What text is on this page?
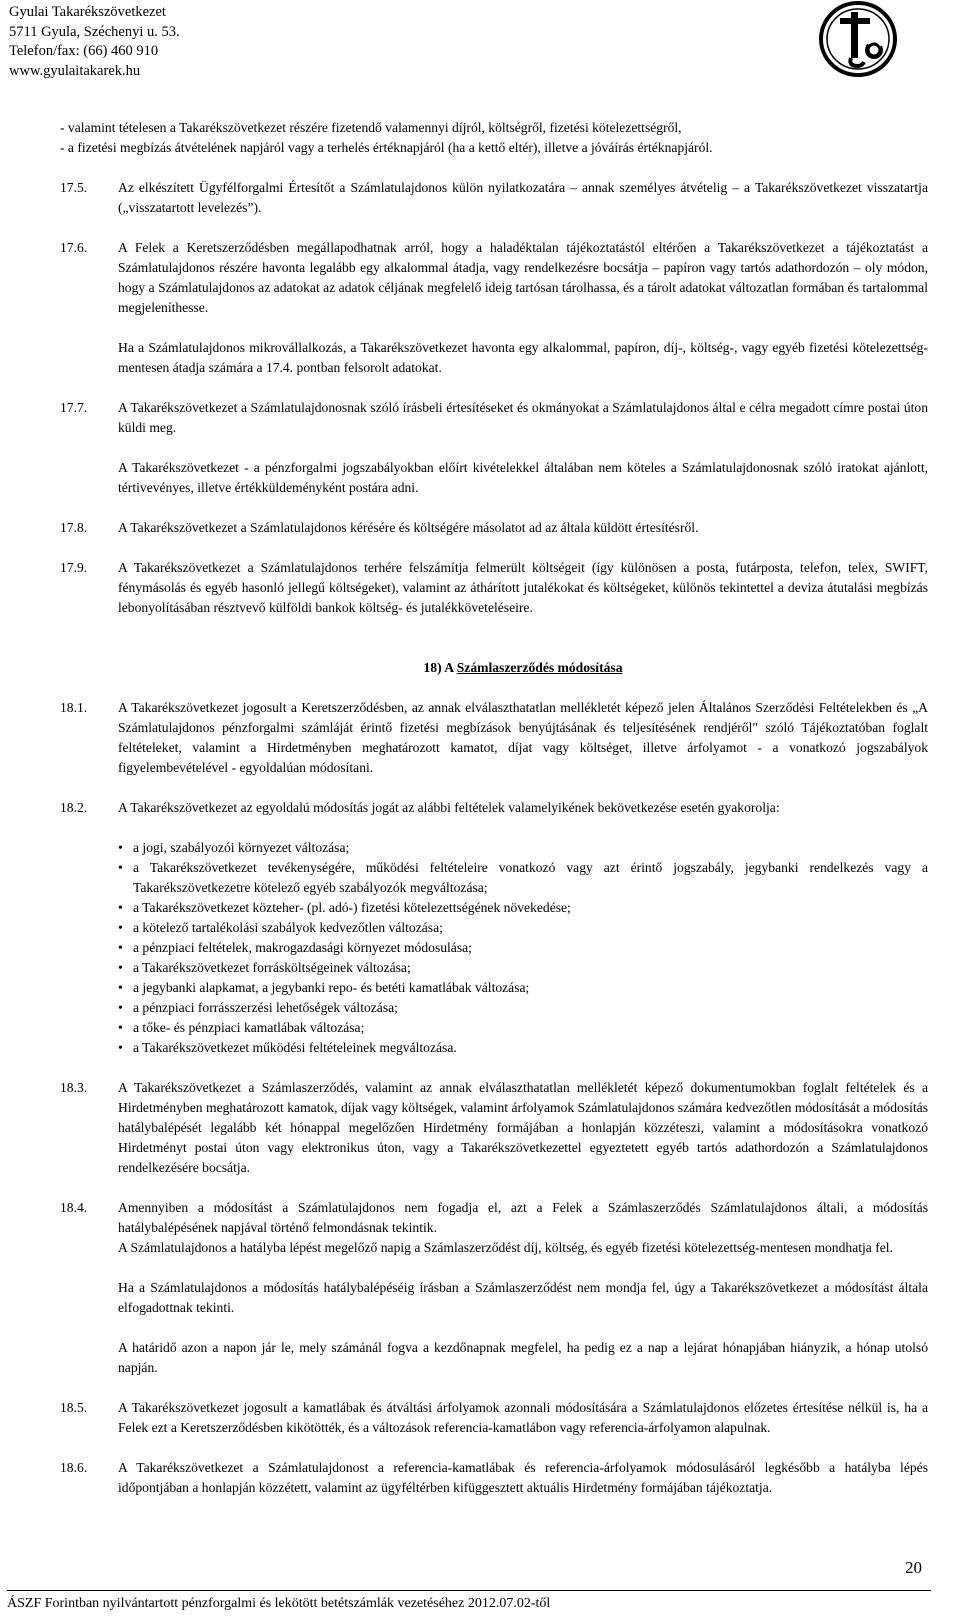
Gyulai Takarékszövetkezet
5711 Gyula, Széchenyi u. 53.
Telefon/fax: (66) 460 910
www.gyulaitakarek.hu
- valamint tételesen a Takarékszövetkezet részére fizetendő valamennyi díjról, költségről, fizetési kötelezettségről,
- a fizetési megbízás átvételének napjáról vagy a terhelés értéknapjáról (ha a kettő eltér), illetve a jóváírás értéknapjáról.
17.5. Az elkészített Ügyfélforgalmi Értesítőt a Számlatulajdonos külön nyilatkozatára – annak személyes átvételig – a Takarékszövetkezet visszatartja („visszatartott levelezés”).
17.6. A Felek a Keretszerződésben megállapodhatnak arról, hogy a haladéktalan tájékoztatástól eltérően a Takarékszövetkezet a tájékoztatást a Számlatulajdonos részére havonta legalább egy alkalommal átadja, vagy rendelkezésre bocsátja – papíron vagy tartós adathordozón – oly módon, hogy a Számlatulajdonos az adatokat az adatok céljának megfelelő ideig tartósan tárolhassa, és a tárolt adatokat változatlan formában és tartalommal megjeleníthesse.
Ha a Számlatulajdonos mikrovállalkozás, a Takarékszövetkezet havonta egy alkalommal, papíron, díj-, költség-, vagy egyéb fizetési kötelezettség-mentesen átadja számára a 17.4. pontban felsorolt adatokat.
17.7. A Takarékszövetkezet a Számlatulajdonosnak szóló írásbeli értesítéseket és okmányokat a Számlatulajdonos által e célra megadott címre postai úton küldi meg.
A Takarékszövetkezet - a pénzforgalmi jogszabályokban előírt kivételekkel általában nem köteles a Számlatulajdonosnak szóló iratokat ajánlott, tértivevényes, illetve értékküldeményként postára adni.
17.8. A Takarékszövetkezet a Számlatulajdonos kérésére és költségére másolatot ad az általa küldött értesítésről.
17.9. A Takarékszövetkezet a Számlatulajdonos terhére felszámítja felmerült költségeit (így különösen a posta, futárposta, telefon, telex, SWIFT, fénymásolás és egyéb hasonló jellegű költségeket), valamint az áthárított jutalékokat és költségeket, különös tekintettel a deviza átutalási megbízás lebonyolításában résztvevő külföldi bankok költség- és jutalékköveteléseire.
18) A Számlaszerződés módosítása
18.1. A Takarékszövetkezet jogosult a Keretszerződésben, az annak elválaszthatatlan mellékletét képező jelen Általános Szerződési Feltételekben és „A Számlatulajdonos pénzforgalmi számláját érintő fizetési megbízások benyújtásának és teljesítésének rendjéről" szóló Tájékoztatóban foglalt feltételeket, valamint a Hirdetményben meghatározott kamatot, díjat vagy költséget, illetve árfolyamot - a vonatkozó jogszabályok figyelembevételével - egyoldalúan módosítani.
18.2. A Takarékszövetkezet az egyoldalú módosítás jogát az alábbi feltételek valamelyikének bekövetkezése esetén gyakorolja:
• a jogi, szabályozói környezet változása;
• a Takarékszövetkezet tevékenységére, működési feltételeire vonatkozó vagy azt érintő jogszabály, jegybanki rendelkezés vagy a Takarékszövetkezetre kötelező egyéb szabályozók megváltozása;
• a Takarékszövetkezet közteher- (pl. adó-) fizetési kötelezettségének növekedése;
• a kötelező tartalékolási szabályok kedvezőtlen változása;
• a pénzpiaci feltételek, makrogazdasági környezet módosulása;
• a Takarékszövetkezet forrásköltségeinek változása;
• a jegybanki alapkamat, a jegybanki repo- és betéti kamatlábak változása;
• a pénzpiaci forrásszerzési lehetőségek változása;
• a tőke- és pénzpiaci kamatlábak változása;
• a Takarékszövetkezet működési feltételeinek megváltozása.
18.3. A Takarékszövetkezet a Számlaszerződés, valamint az annak elválaszthatatlan mellékletét képező dokumentumokban foglalt feltételek és a Hirdetményben meghatározott kamatok, díjak vagy költségek, valamint árfolyamok Számlatulajdonos számára kedvezőtlen módosítását a módosítás hatálybalépését legalább két hónappal megelőzően Hirdetmény formájában a honlapján közzéteszi, valamint a módosításokra vonatkozó Hirdetményt postai úton vagy elektronikus úton, vagy a Takarékszövetkezettel egyeztetett egyéb tartós adathordozón a Számlatulajdonos rendelkezésére bocsátja.
18.4. Amennyiben a módosítást a Számlatulajdonos nem fogadja el, azt a Felek a Számlaszerződés Számlatulajdonos általi, a módosítás hatálybalépésének napjával történő felmondásnak tekintik.
A Számlatulajdonos a hatályba lépést megelőző napig a Számlaszerződést díj, költség, és egyéb fizetési kötelezettség-mentesen mondhatja fel.
Ha a Számlatulajdonos a módosítás hatálybalépéséig írásban a Számlaszerződést nem mondja fel, úgy a Takarékszövetkezet a módosítást általa elfogadottnak tekinti.
A határidő azon a napon jár le, mely számánál fogva a kezdőnapnak megfelel, ha pedig ez a nap a lejárat hónapjában hiányzik, a hónap utolsó napján.
18.5. A Takarékszövetkezet jogosult a kamatlábak és átváltási árfolyamok azonnali módosítására a Számlatulajdonos előzetes értesítése nélkül is, ha a Felek ezt a Keretszerződésben kikötötték, és a változások referencia-kamatlábon vagy referencia-árfolyamon alapulnak.
18.6. A Takarékszövetkezet a Számlatulajdonost a referencia-kamatlábak és referencia-árfolyamok módosulásáról legkésőbb a hatályba lépés időpontjában a honlapján közzétett, valamint az ügyféltérben kifüggesztett aktuális Hirdetmény formájában tájékoztatja.
20
ÁSZF Forintban nyilvántartott pénzforgalmi és lekötött betétszámlák vezetéséhez 2012.07.02-től
